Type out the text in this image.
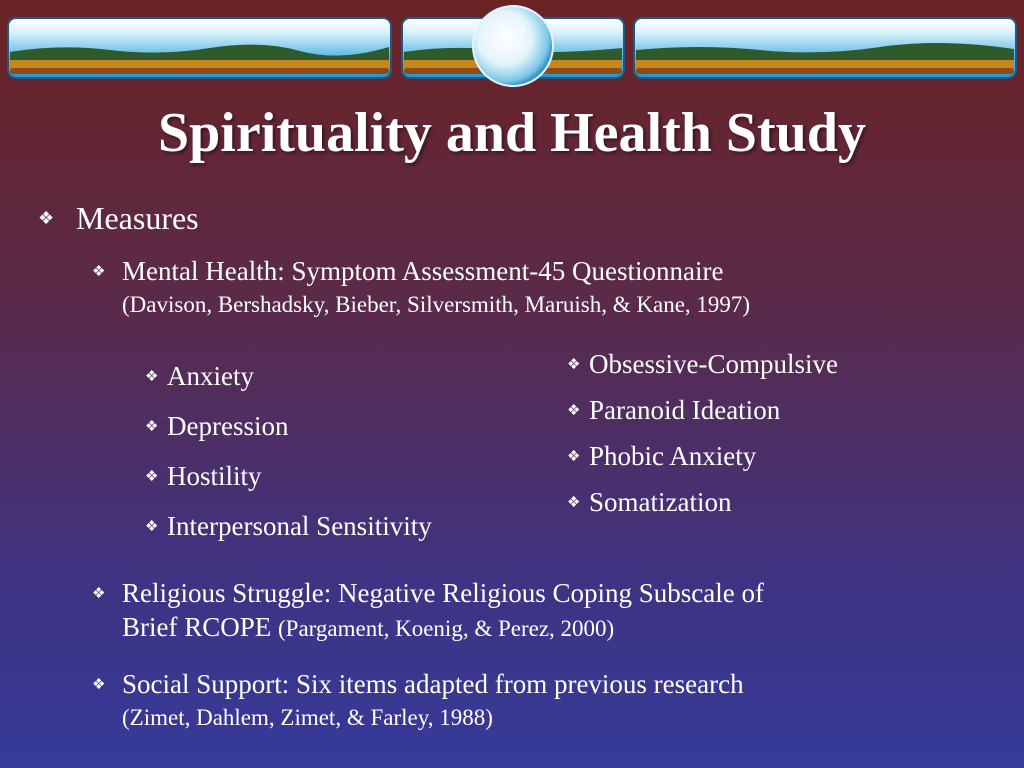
Spirituality and Health Study
❖ Measures
❖ Mental Health: Symptom Assessment-45 Questionnaire
(Davison, Bershadsky, Bieber, Silversmith, Maruish, & Kane, 1997)
❖ Anxiety
❖ Depression
❖ Hostility
❖ Interpersonal Sensitivity
❖ Obsessive-Compulsive
❖ Paranoid Ideation
❖ Phobic Anxiety
❖ Somatization
❖ Religious Struggle: Negative Religious Coping Subscale of
Brief RCOPE (Pargament, Koenig, & Perez, 2000)
❖ Social Support: Six items adapted from previous research
(Zimet, Dahlem, Zimet, & Farley, 1988)
